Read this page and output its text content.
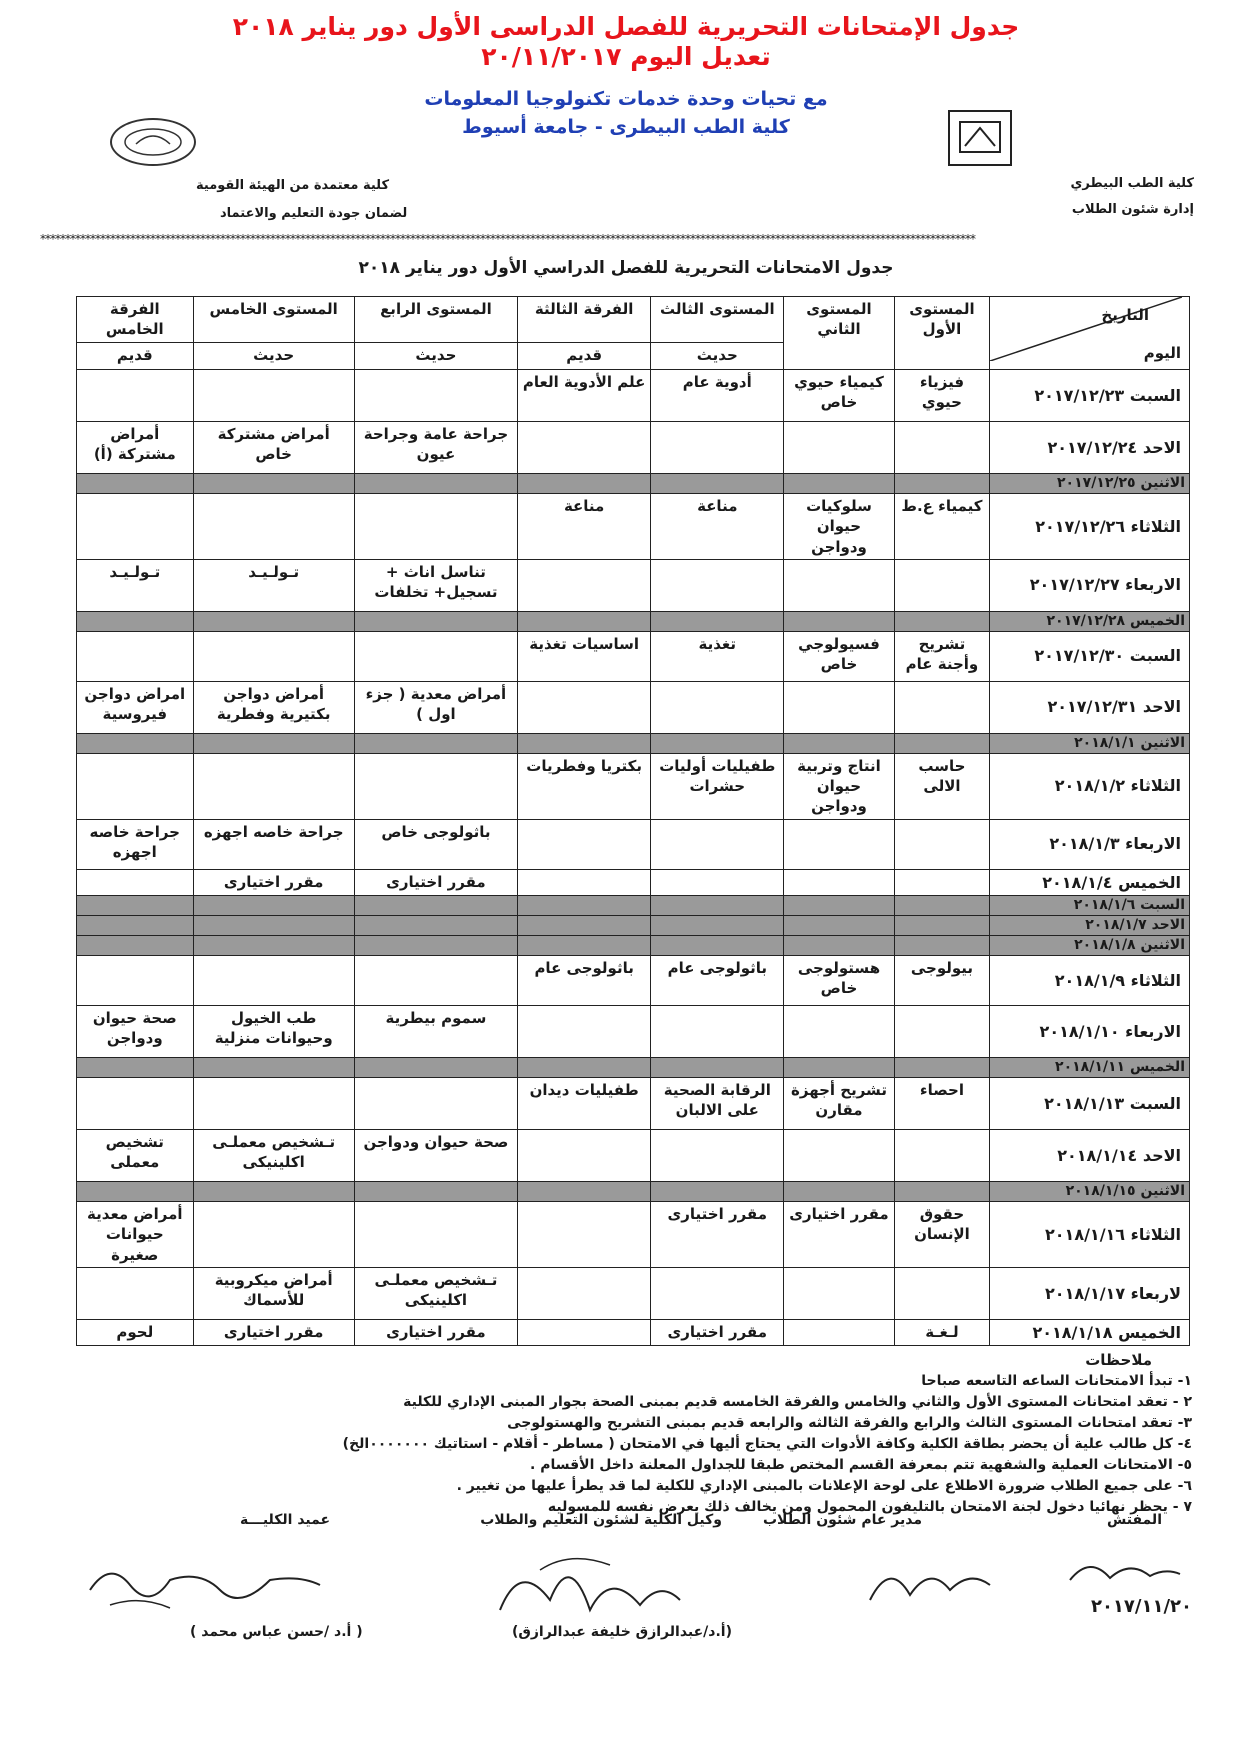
جدول الإمتحانات التحريرية للفصل الدراسى الأول دور يناير ٢٠١٨
تعديل اليوم ٢٠/١١/٢٠١٧
مع تحيات وحدة خدمات تكنولوجيا المعلومات
كلية الطب البيطرى - جامعة أسيوط
كلية الطب البيطري
إدارة شئون الطلاب
كلية معتمدة من الهيئة القومية
لضمان جودة التعليم والاعتماد
*******************************************************************************************************************************************************************************************
جدول الامتحانات التحريرية للفصل الدراسي الأول دور يناير ٢٠١٨
التاريخ
اليوم	المستوى الأول	المستوى الثاني	المستوى الثالث	الفرقة الثالثة	المستوى الرابع	المستوى الخامس	الفرقة الخامس
			حديث	قديم	حديث	حديث	قديم
السبت ٢٠١٧/١٢/٢٣	فيزياء حيوي	كيمياء حيوي خاص	أدوية عام	علم الأدوية العام			
الاحد ٢٠١٧/١٢/٢٤					جراحة عامة وجراحة عيون	أمراض مشتركة خاص	أمراض مشتركة (أ)
الاثنين ٢٠١٧/١٢/٢٥							
الثلاثاء ٢٠١٧/١٢/٢٦	كيمياء ع.ط	سلوكيات حيوان ودواجن	مناعة	مناعة			
الاربعاء ٢٠١٧/١٢/٢٧					تناسل اناث + تسجيل+ تخلفات	تـولـيـد	تـولـيـد
الخميس ٢٠١٧/١٢/٢٨							
السبت ٢٠١٧/١٢/٣٠	تشريح وأجنة عام	فسيولوجي خاص	تغذية	اساسيات تغذية			
الاحد ٢٠١٧/١٢/٣١					أمراض معدية ( جزء اول )	أمراض دواجن بكتيرية وفطرية	امراض دواجن فيروسية
الاثنين ٢٠١٨/١/١							
الثلاثاء ٢٠١٨/١/٢	حاسب الالى	انتاج وتربية حيوان ودواجن	طفيليات أوليات حشرات	بكتريا وفطريات			
الاربعاء ٢٠١٨/١/٣					باثولوجى خاص	جراحة خاصه اجهزه	جراحة خاصه اجهزه
الخميس ٢٠١٨/١/٤					مقرر اختيارى	مقرر اختيارى	
السبت ٢٠١٨/١/٦							
الاحد ٢٠١٨/١/٧							
الاثنين ٢٠١٨/١/٨							
الثلاثاء ٢٠١٨/١/٩	بيولوجى	هستولوجى خاص	باثولوجى عام	باثولوجى عام			
الاربعاء ٢٠١٨/١/١٠					سموم بيطرية	طب الخيول وحيوانات منزلية	صحة حيوان ودواجن
الخميس ٢٠١٨/١/١١							
السبت ٢٠١٨/١/١٣	احصاء	تشريح أجهزة مقارن	الرقابة الصحية على الالبان	طفيليات ديدان			
الاحد ٢٠١٨/١/١٤					صحة حيوان ودواجن	تـشخيص معملـى اكلينيكى	تشخيص معملى
الاثنين ٢٠١٨/١/١٥							
الثلاثاء ٢٠١٨/١/١٦	حقوق الإنسان	مقرر اختيارى	مقرر اختيارى				أمراض معدية حيوانات صغيرة
لاربعاء ٢٠١٨/١/١٧					تـشخيص معملـى اكلينيكى	أمراض ميكروبية للأسماك	
الخميس ٢٠١٨/١/١٨	لـغـة		مقرر اختيارى		مقرر اختيارى	مقرر اختيارى	لحوم
ملاحظات
١- تبدأ الامتحانات الساعه التاسعه صباحا
٢ - تعقد امتحانات المستوى الأول والثاني والخامس والفرقة الخامسه قديم بمبنى الصحة بجوار المبنى الإداري للكلية
٣- تعقد امتحانات المستوى الثالث والرابع والفرقة الثالثه والرابعه قديم بمبنى التشريح والهستولوجى
٤- كل طالب علية أن يحضر بطاقة الكلية وكافة الأدوات التي يحتاج أليها في الامتحان ( مساطر - أقلام - استاتيك ٠٠٠٠٠٠٠الخ)
٥- الامتحانات العملية والشفهية تتم بمعرفة القسم المختص طبقا للجداول المعلنة داخل الأقسام .
٦- على جميع الطلاب ضرورة الاطلاع على لوحة الإعلانات بالمبنى الإداري للكلية لما قد يطرأ عليها من تغيير .
٧ - يحظر نهائيا دخول لجنة الامتحان بالتليفون المحمول ومن يخالف ذلك يعرض نفسه للمسوليه
المفتش
مدير عام شئون الطلاب
وكيل الكلية لشئون التعليم والطلاب
عميد الكليـــة
٢٠١٧/١١/٢٠
(أ.د/عبدالرازق خليفة عبدالرازق)
( أ.د /حسن عباس محمد )
